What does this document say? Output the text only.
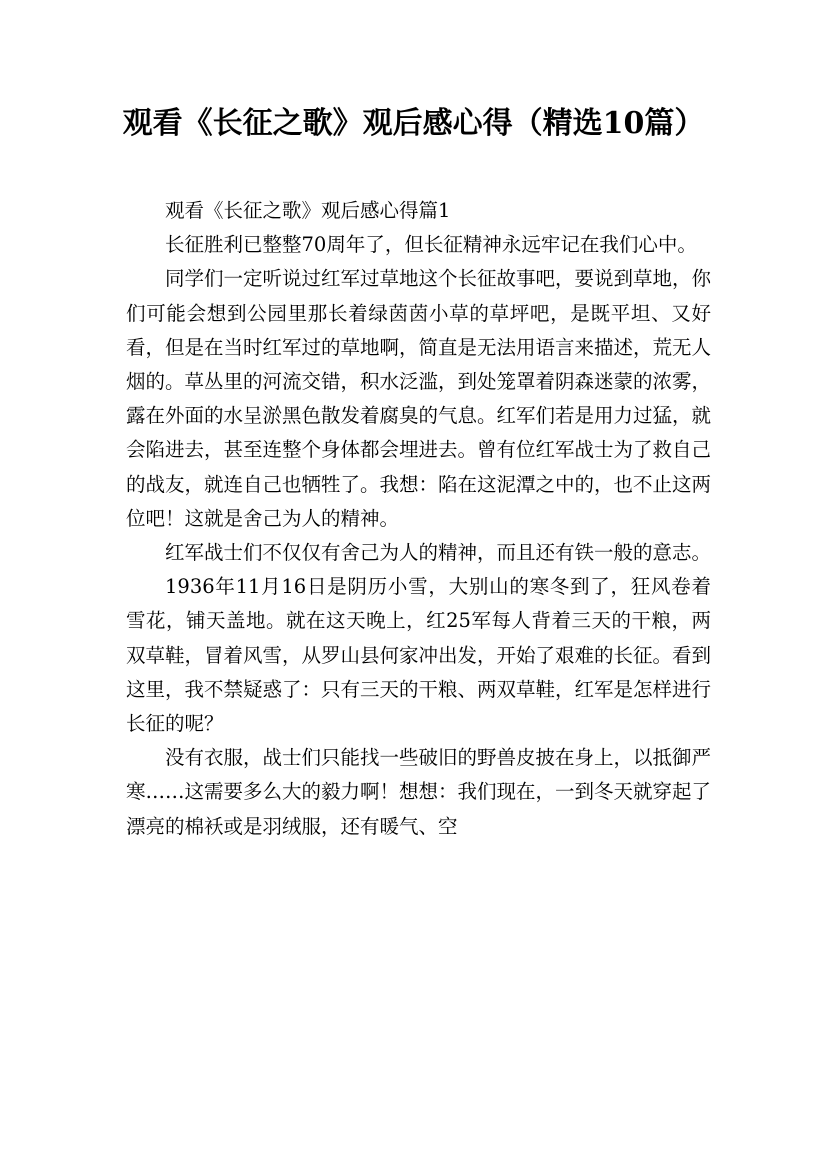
观看《长征之歌》观后感心得（精选10篇）

观看《长征之歌》观后感心得篇1

长征胜利已整整70周年了，但长征精神永远牢记在我们心中。

同学们一定听说过红军过草地这个长征故事吧，要说到草地，你们可能会想到公园里那长着绿茵茵小草的草坪吧，是既平坦、又好看，但是在当时红军过的草地啊，简直是无法用语言来描述，荒无人烟的。草丛里的河流交错，积水泛滥，到处笼罩着阴森迷蒙的浓雾，露在外面的水呈淤黑色散发着腐臭的气息。红军们若是用力过猛，就会陷进去，甚至连整个身体都会埋进去。曾有位红军战士为了救自己的战友，就连自己也牺牲了。我想：陷在这泥潭之中的，也不止这两位吧！这就是舍己为人的精神。

红军战士们不仅仅有舍己为人的精神，而且还有铁一般的意志。

1936年11月16日是阴历小雪，大别山的寒冬到了，狂风卷着雪花，铺天盖地。就在这天晚上，红25军每人背着三天的干粮，两双草鞋，冒着风雪，从罗山县何家冲出发，开始了艰难的长征。看到这里，我不禁疑惑了：只有三天的干粮、两双草鞋，红军是怎样进行长征的呢？

没有衣服，战士们只能找一些破旧的野兽皮披在身上，以抵御严寒……这需要多么大的毅力啊！想想：我们现在，一到冬天就穿起了漂亮的棉袄或是羽绒服，还有暖气、空
